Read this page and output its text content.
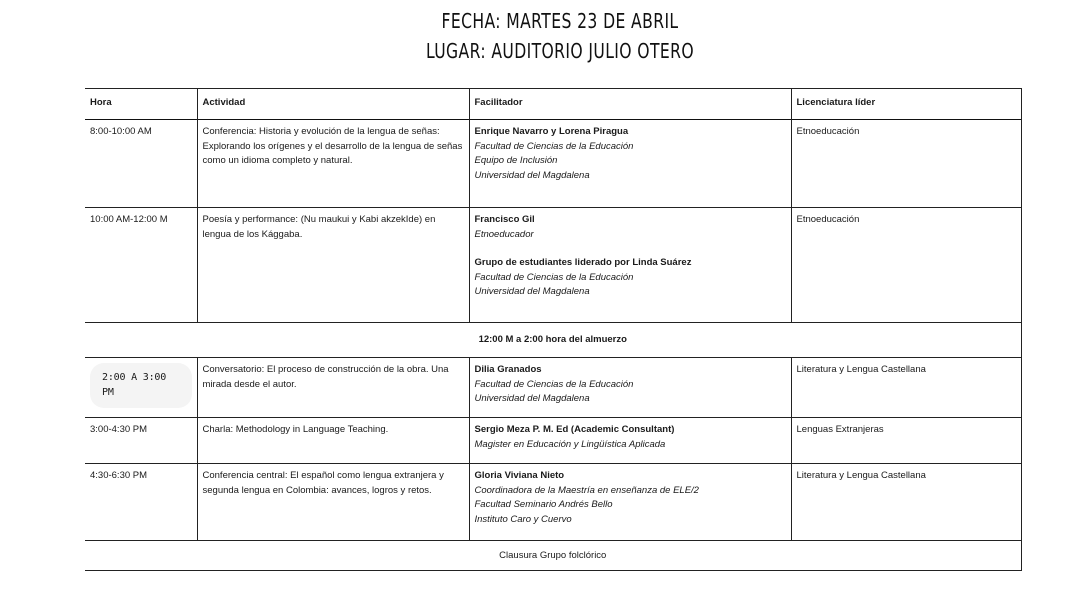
FECHA: MARTES 23 DE ABRIL
LUGAR: AUDITORIO JULIO OTERO
Hora	Actividad	Facilitador	Licenciatura líder
8:00-10:00 AM	Conferencia: Historia y evolución de la lengua de señas: Explorando los orígenes y el desarrollo de la lengua de señas como un idioma completo y natural.	Enrique Navarro y Lorena Piragua
Facultad de Ciencias de la Educación
Equipo de Inclusión
Universidad del Magdalena	Etnoeducación
10:00 AM-12:00 M	Poesía y performance: (Nu maukui y Kabi akzekIde) en lengua de los Kággaba.	Francisco Gil
Etnoeducador
Grupo de estudiantes liderado por Linda Suárez
Facultad de Ciencias de la Educación
Universidad del Magdalena	Etnoeducación
12:00 M a 2:00 hora del almuerzo			
2:00 A 3:00 PM	Conversatorio: El proceso de construcción de la obra. Una mirada desde el autor.	Dilia Granados
Facultad de Ciencias de la Educación
Universidad del Magdalena	Literatura y Lengua Castellana
3:00-4:30 PM	Charla: Methodology in Language Teaching.	Sergio Meza P. M. Ed (Academic Consultant)
Magister en Educación y Lingüística Aplicada	Lenguas Extranjeras
4:30-6:30 PM	Conferencia central: El español como lengua extranjera y segunda lengua en Colombia: avances, logros y retos.	Gloria Viviana Nieto
Coordinadora de la Maestría en enseñanza de ELE/2
Facultad Seminario Andrés Bello
Instituto Caro y Cuervo	Literatura y Lengua Castellana
Clausura Grupo folclórico			
